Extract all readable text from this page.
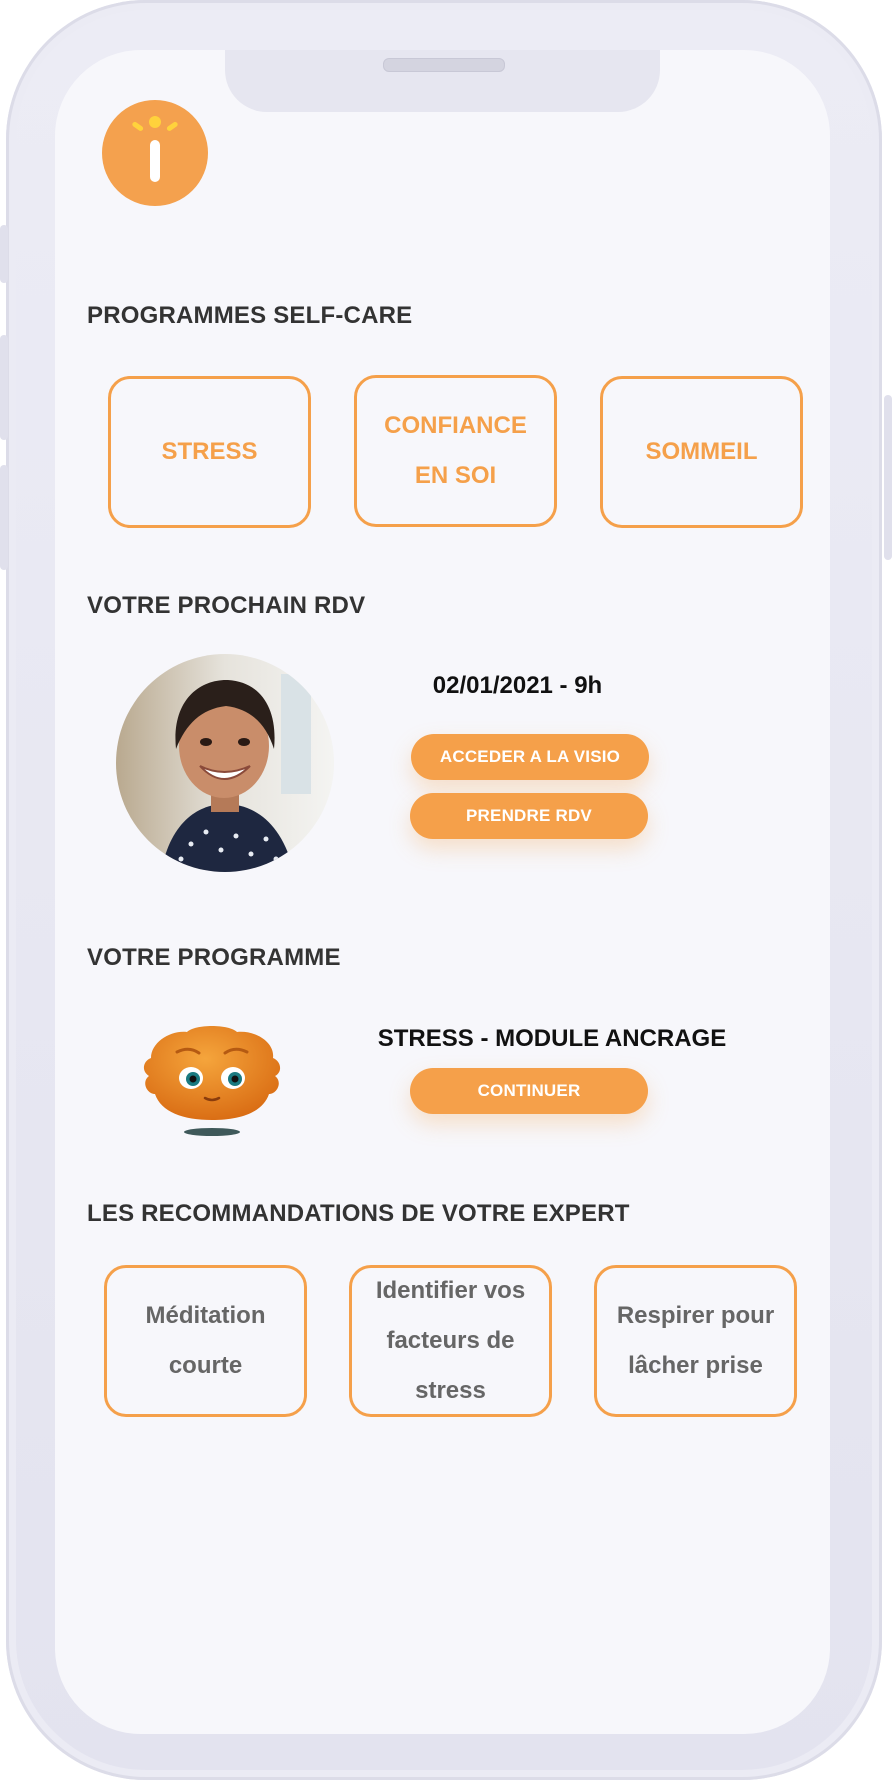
PROGRAMMES SELF-CARE
STRESS
CONFIANCE EN SOI
SOMMEIL
VOTRE PROCHAIN RDV
02/01/2021 - 9h
ACCEDER A LA VISIO
PRENDRE RDV
VOTRE PROGRAMME
STRESS - MODULE ANCRAGE
CONTINUER
LES RECOMMANDATIONS DE VOTRE EXPERT
Méditation courte
Identifier vos facteurs de stress
Respirer pour lâcher prise
